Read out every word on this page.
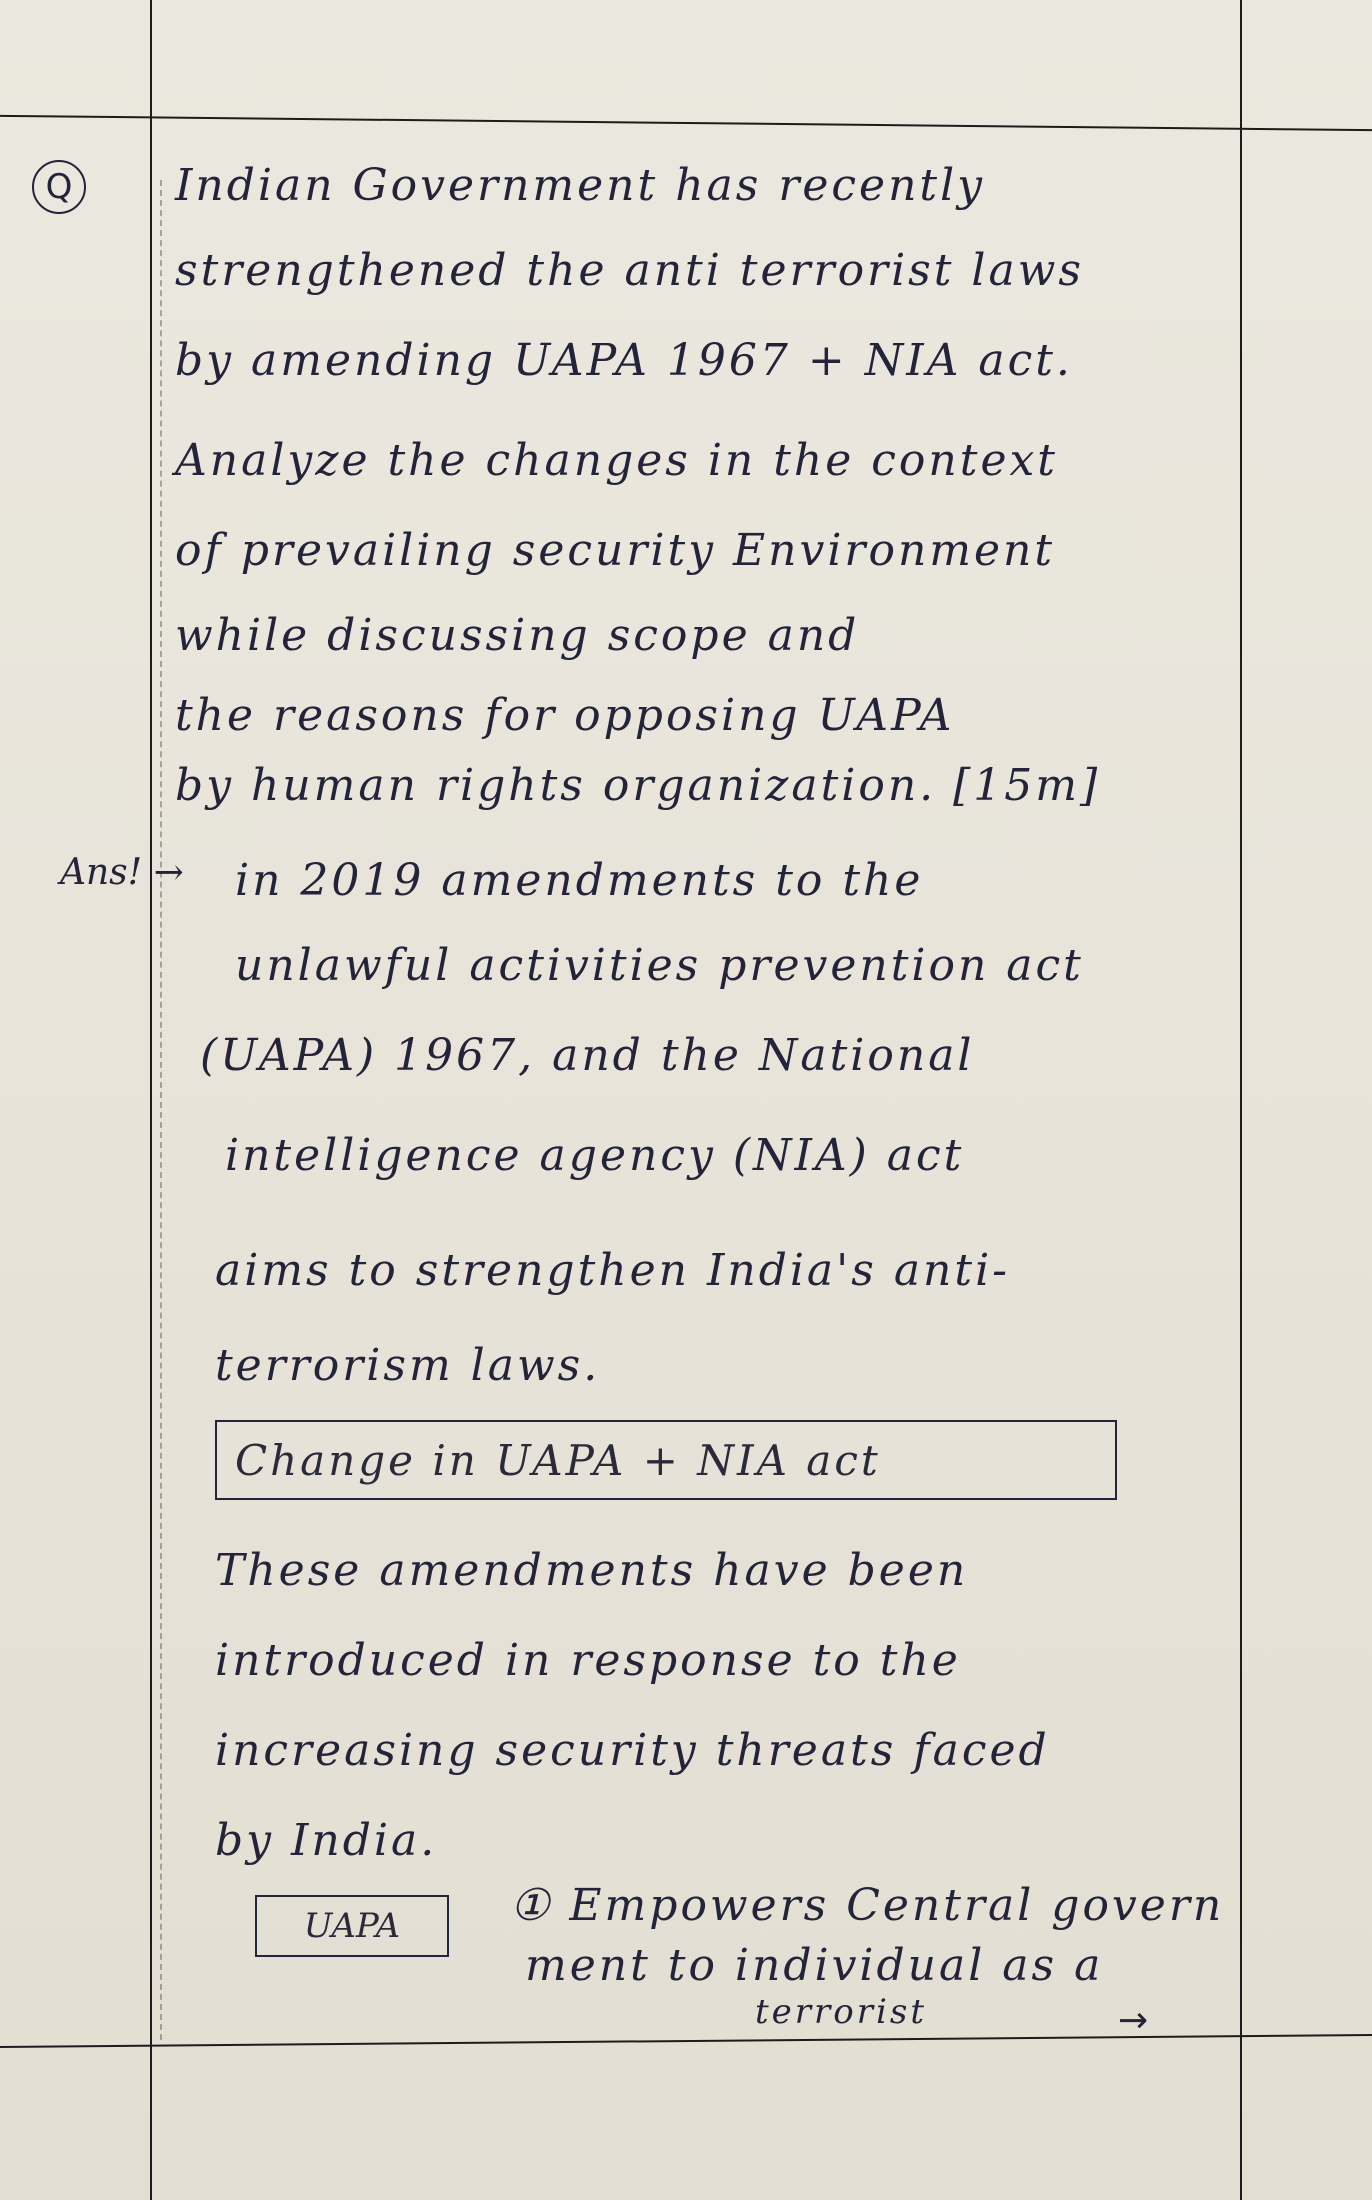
Q	Indian Government has recently
strengthened the anti terrorist laws
by amending UAPA 1967 + NIA act.
Analyze the changes in the context
of prevailing security Environment
while discussing scope and
the reasons for opposing UAPA
by human rights organization. [15m]
Ans! → in 2019 amendments to the
unlawful activities prevention act
(UAPA) 1967, and the National
intelligence agency (NIA) act
aims to strengthen India's anti-
terrorism laws.
Change in UAPA + NIA act
These amendments have been
introduced in response to the
increasing security threats faced
by India.
UAPA ① Empowers Central govern
ment to individual as a
terrorist	→
